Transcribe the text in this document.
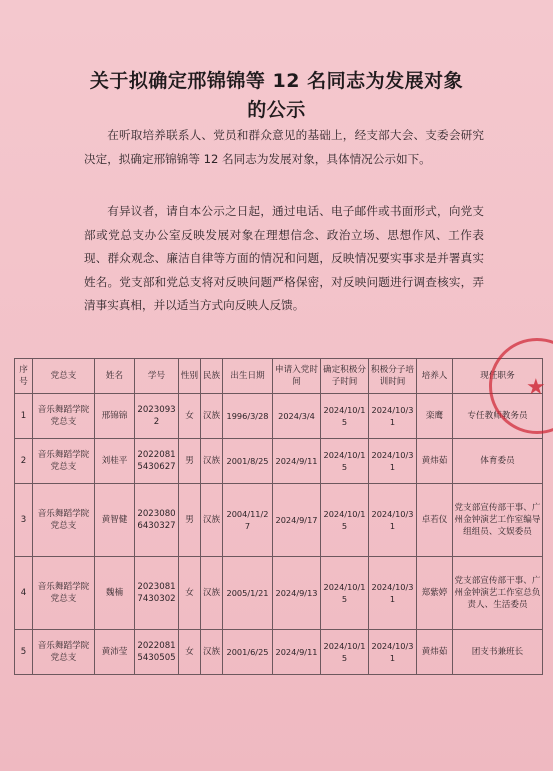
关于拟确定邢锦锦等 12 名同志为发展对象
的公示
在听取培养联系人、党员和群众意见的基础上，经支部大会、支委会研究决定，拟确定邢锦锦等 12 名同志为发展对象，具体情况公示如下。
有异议者，请自本公示之日起，通过电话、电子邮件或书面形式，向党支部或党总支办公室反映发展对象在理想信念、政治立场、思想作风、工作表现、群众观念、廉洁自律等方面的情况和问题，反映情况要实事求是并署真实姓名。党支部和党总支将对反映问题严格保密，对反映问题进行调查核实，弄清事实真相，并以适当方式向反映人反馈。
序号	党总支	姓名	学号	性别	民族	出生日期	申请入党时间	确定积极分子时间	积极分子培训时间	培养人	现任职务
1	音乐舞蹈学院党总支	邢锦锦	20230932	女	汉族	1996/3/28	2024/3/4	2024/10/15	2024/10/31	栾鹰	专任教师教务员
2	音乐舞蹈学院党总支	刘桂平	20220815430627	男	汉族	2001/8/25	2024/9/11	2024/10/15	2024/10/31	黄炜茹	体育委员
3	音乐舞蹈学院党总支	黄智健	20230806430327	男	汉族	2004/11/27	2024/9/17	2024/10/15	2024/10/31	卓若仪	党支部宣传部干事、广州金钟演艺工作室编导组组员、文娱委员
4	音乐舞蹈学院党总支	魏楠	20230817430302	女	汉族	2005/1/21	2024/9/13	2024/10/15	2024/10/31	郑紫婷	党支部宣传部干事、广州金钟演艺工作室总负责人、生活委员
5	音乐舞蹈学院党总支	黄沛莹	20220815430505	女	汉族	2001/6/25	2024/9/11	2024/10/15	2024/10/31	黄炜茹	团支书兼班长
★
